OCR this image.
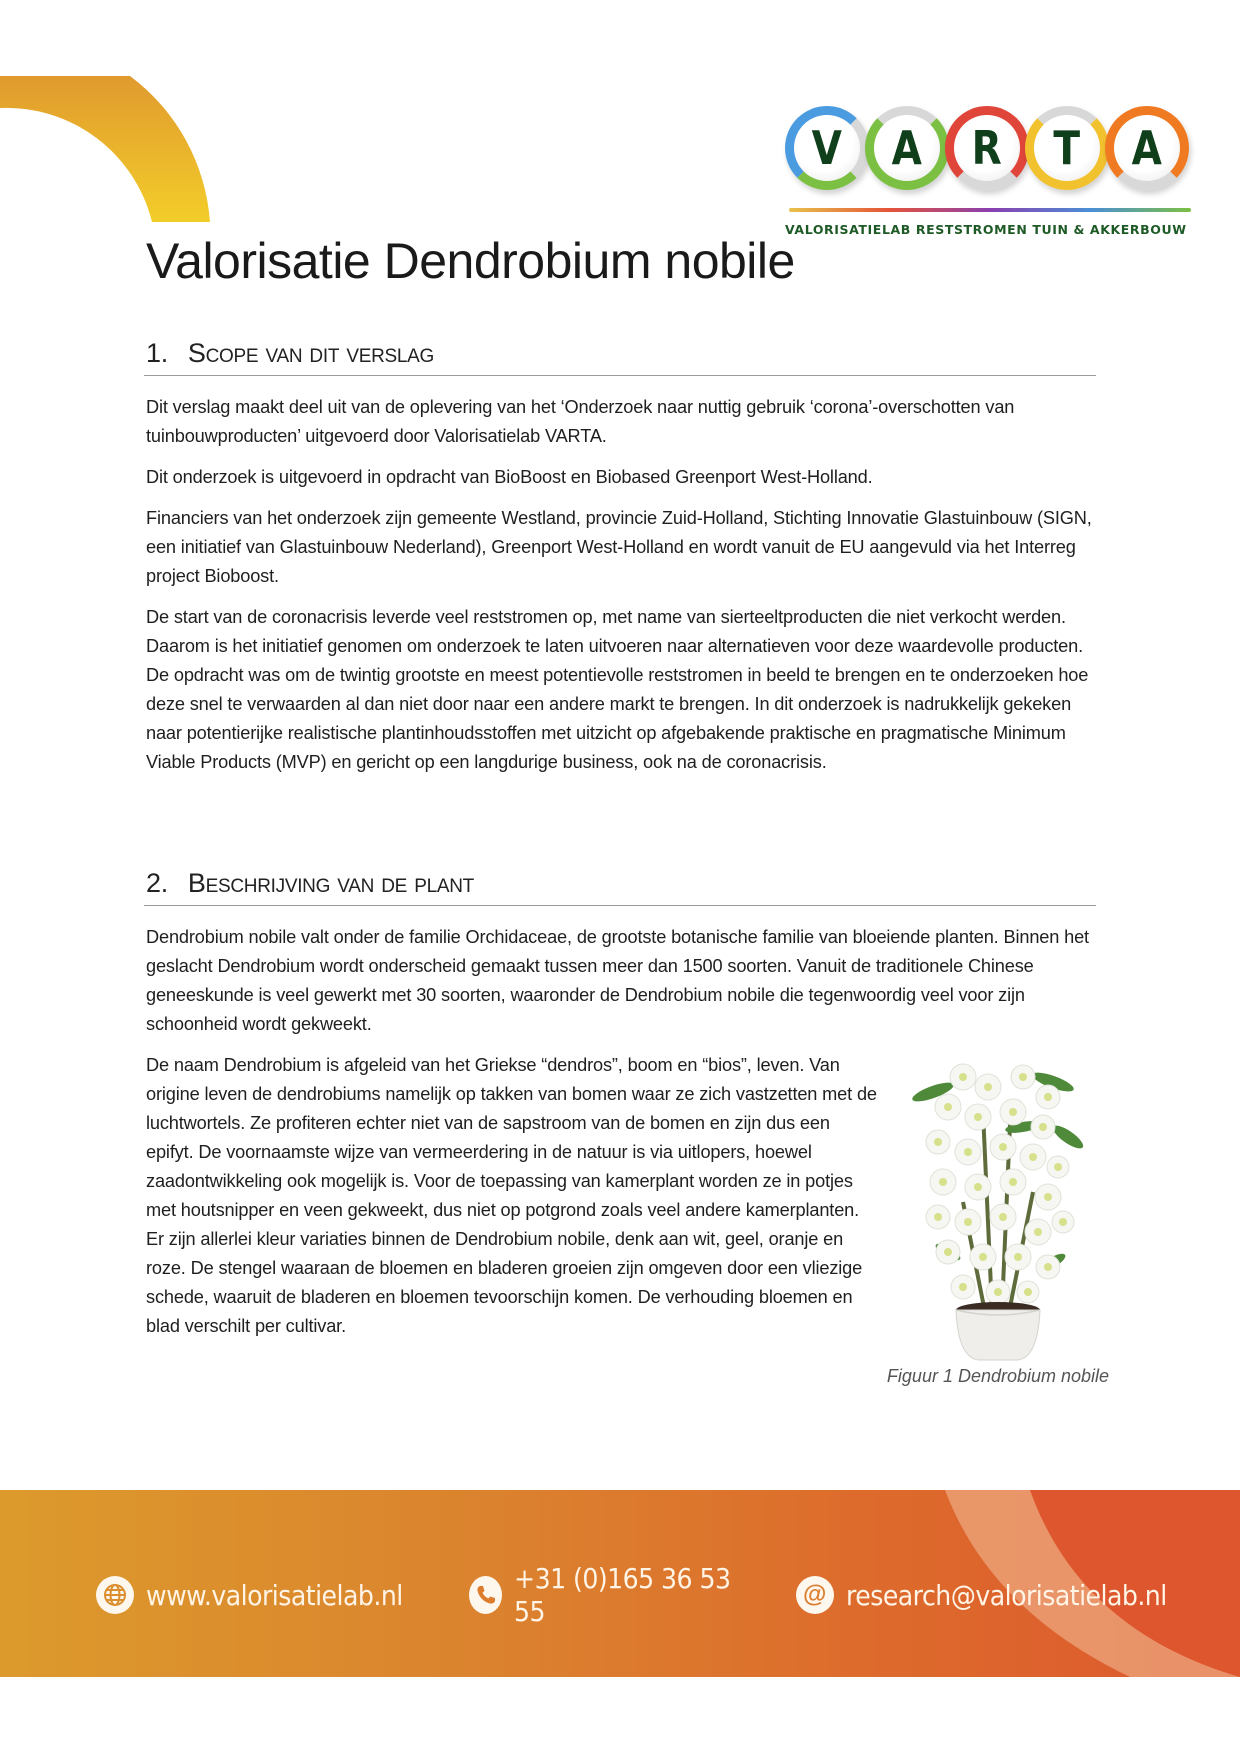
V A R T A
VALORISATIELAB RESTSTROMEN TUIN & AKKERBOUW
Valorisatie Dendrobium nobile
1. Scope van dit verslag

Dit verslag maakt deel uit van de oplevering van het ‘Onderzoek naar nuttig gebruik ‘corona’-overschotten van tuinbouwproducten’ uitgevoerd door Valorisatielab VARTA.

Dit onderzoek is uitgevoerd in opdracht van BioBoost en Biobased Greenport West-Holland.

Financiers van het onderzoek zijn gemeente Westland, provincie Zuid-Holland, Stichting Innovatie Glastuinbouw (SIGN, een initiatief van Glastuinbouw Nederland), Greenport West-Holland en wordt vanuit de EU aangevuld via het Interreg project Bioboost.

De start van de coronacrisis leverde veel reststromen op, met name van sierteeltproducten die niet verkocht werden. Daarom is het initiatief genomen om onderzoek te laten uitvoeren naar alternatieven voor deze waardevolle producten. De opdracht was om de twintig grootste en meest potentievolle reststromen in beeld te brengen en te onderzoeken hoe deze snel te verwaarden al dan niet door naar een andere markt te brengen. In dit onderzoek is nadrukkelijk gekeken naar potentierijke realistische plantinhoudsstoffen met uitzicht op afgebakende praktische en pragmatische Minimum Viable Products (MVP) en gericht op een langdurige business, ook na de coronacrisis.

2. Beschrijving van de plant

Dendrobium nobile valt onder de familie Orchidaceae, de grootste botanische familie van bloeiende planten. Binnen het geslacht Dendrobium wordt onderscheid gemaakt tussen meer dan 1500 soorten. Vanuit de traditionele Chinese geneeskunde is veel gewerkt met 30 soorten, waaronder de Dendrobium nobile die tegenwoordig veel voor zijn schoonheid wordt gekweekt.

De naam Dendrobium is afgeleid van het Griekse “dendros”, boom en “bios”, leven. Van origine leven de dendrobiums namelijk op takken van bomen waar ze zich vastzetten met de luchtwortels. Ze profiteren echter niet van de sapstroom van de bomen en zijn dus een epifyt. De voornaamste wijze van vermeerdering in de natuur is via uitlopers, hoewel zaadontwikkeling ook mogelijk is. Voor de toepassing van kamerplant worden ze in potjes met houtsnipper en veen gekweekt, dus niet op potgrond zoals veel andere kamerplanten. Er zijn allerlei kleur variaties binnen de Dendrobium nobile, denk aan wit, geel, oranje en roze. De stengel waaraan de bloemen en bladeren groeien zijn omgeven door een vliezige schede, waaruit de bladeren en bloemen tevoorschijn komen. De verhouding bloemen en blad verschilt per cultivar.

Figuur 1 Dendrobium nobile
www.valorisatielab.nl	+31 (0)165 36 53 55
@ research@valorisatielab.nl
